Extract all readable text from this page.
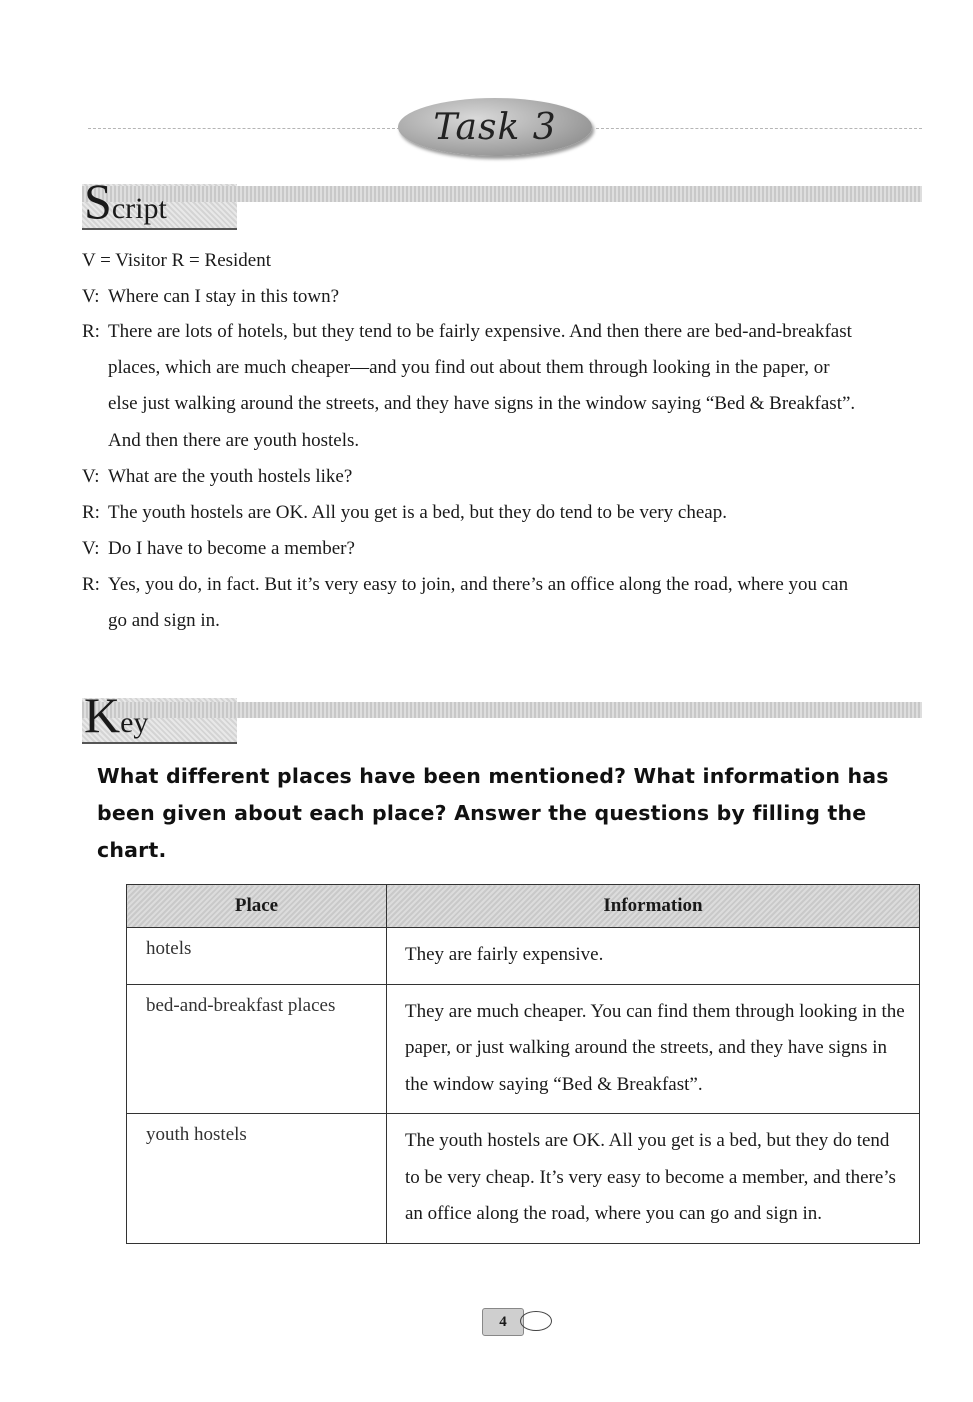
Task 3
Script
V = Visitor R = Resident
V: Where can I stay in this town?
R: There are lots of hotels, but they tend to be fairly expensive. And then there are bed-and-breakfast
places, which are much cheaper—and you find out about them through looking in the paper, or
else just walking around the streets, and they have signs in the window saying “Bed & Breakfast”.
And then there are youth hostels.
V: What are the youth hostels like?
R: The youth hostels are OK. All you get is a bed, but they do tend to be very cheap.
V: Do I have to become a member?
R: Yes, you do, in fact. But it’s very easy to join, and there’s an office along the road, where you can
go and sign in.
Key
What different places have been mentioned? What information has been given about each place? Answer the questions by filling the chart.
Place	Information
hotels	They are fairly expensive.
bed-and-breakfast places	They are much cheaper. You can find them through looking in the paper, or just walking around the streets, and they have signs in the window saying “Bed & Breakfast”.
youth hostels	The youth hostels are OK. All you get is a bed, but they do tend to be very cheap. It’s very easy to become a member, and there’s an office along the road, where you can go and sign in.
4
